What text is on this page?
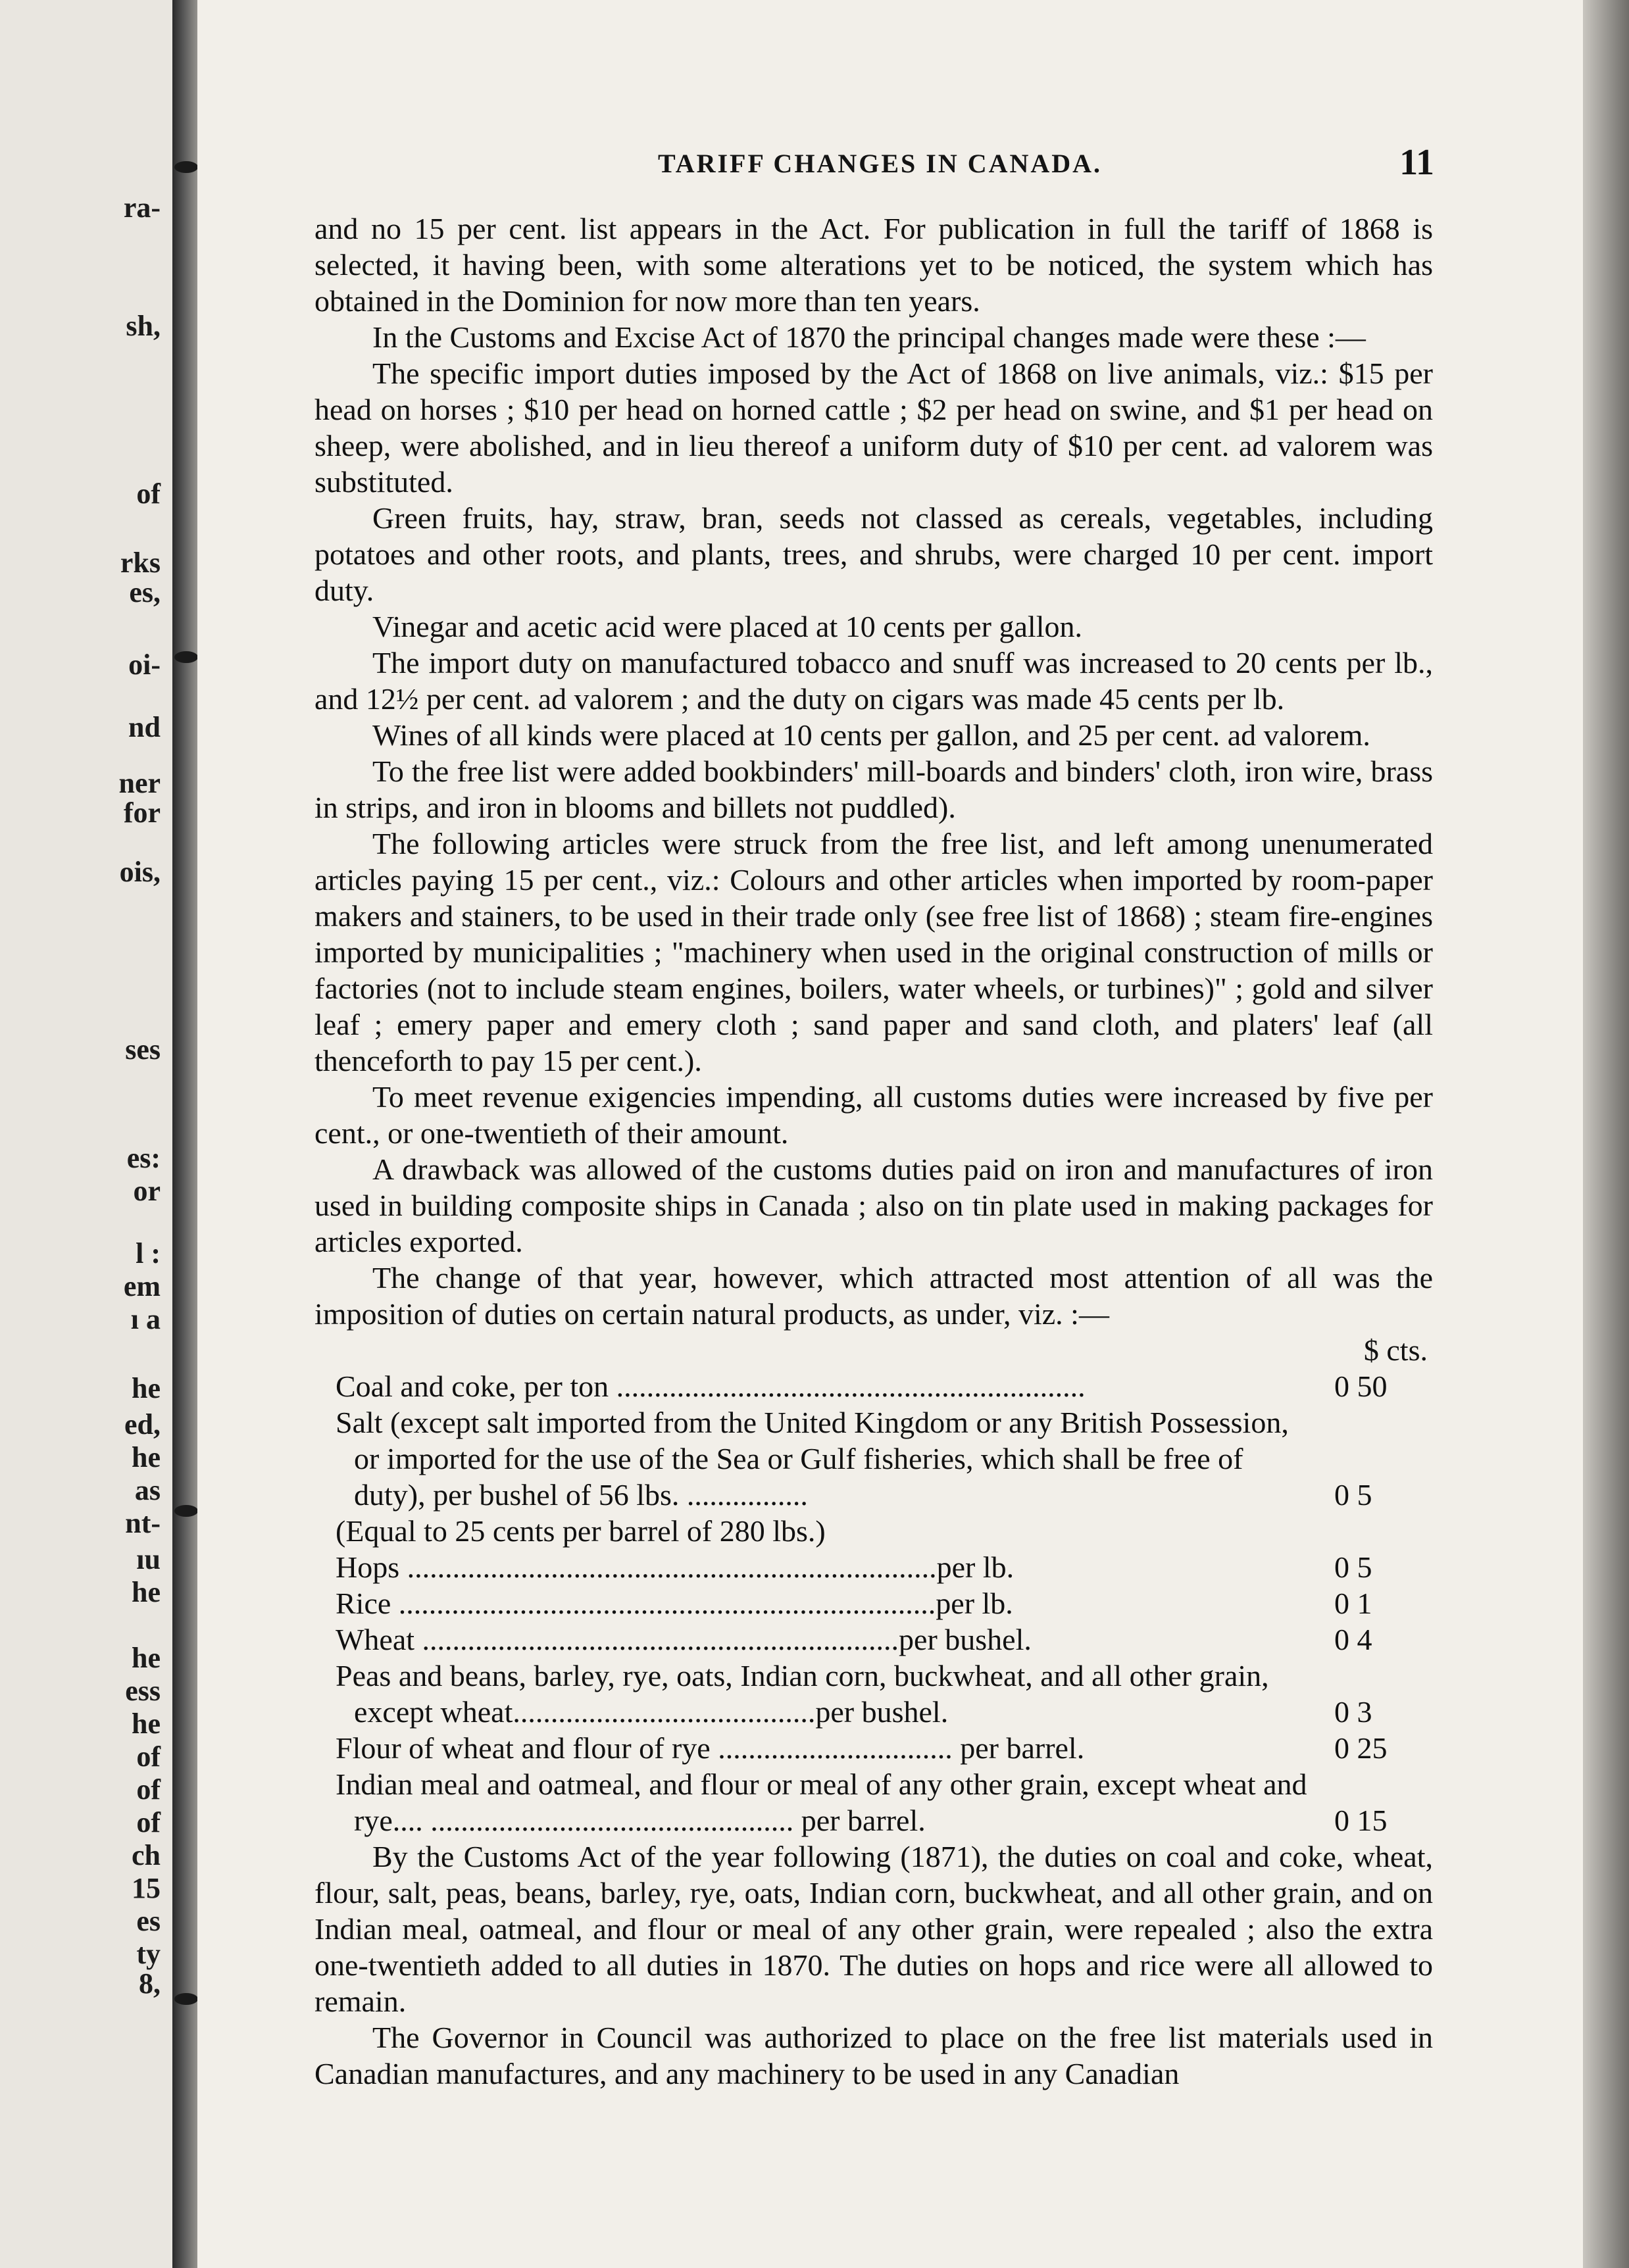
ra-
sh,
of
rks
es,
oi-
nd
ner
for
ois,
ses
es:
or
l :
em
ı a
he
ed,
he
as
nt-
ıu
he
he
ess
he
of
of
of
ch
15
es
ty
8,
TARIFF CHANGES IN CANADA.	11

and no 15 per cent. list appears in the Act. For publication in full the tariff of 1868 is selected, it having been, with some alterations yet to be noticed, the system which has obtained in the Dominion for now more than ten years.

In the Customs and Excise Act of 1870 the principal changes made were these :—

The specific import duties imposed by the Act of 1868 on live animals, viz.: $15 per head on horses ; $10 per head on horned cattle ; $2 per head on swine, and $1 per head on sheep, were abolished, and in lieu thereof a uniform duty of $10 per cent. ad valorem was substituted.

Green fruits, hay, straw, bran, seeds not classed as cereals, vegetables, including potatoes and other roots, and plants, trees, and shrubs, were charged 10 per cent. import duty.

Vinegar and acetic acid were placed at 10 cents per gallon.

The import duty on manufactured tobacco and snuff was increased to 20 cents per lb., and 12½ per cent. ad valorem ; and the duty on cigars was made 45 cents per lb.

Wines of all kinds were placed at 10 cents per gallon, and 25 per cent. ad valorem.

To the free list were added bookbinders' mill-boards and binders' cloth, iron wire, brass in strips, and iron in blooms and billets not puddled).

The following articles were struck from the free list, and left among unenumerated articles paying 15 per cent., viz.: Colours and other articles when imported by room-paper makers and stainers, to be used in their trade only (see free list of 1868) ; steam fire-engines imported by municipalities ; "machinery when used in the original construction of mills or factories (not to include steam engines, boilers, water wheels, or turbines)" ; gold and silver leaf ; emery paper and emery cloth ; sand paper and sand cloth, and platers' leaf (all thenceforth to pay 15 per cent.).

To meet revenue exigencies impending, all customs duties were increased by five per cent., or one-twentieth of their amount.

A drawback was allowed of the customs duties paid on iron and manufactures of iron used in building composite ships in Canada ; also on tin plate used in making packages for articles exported.

The change of that year, however, which attracted most attention of all was the imposition of duties on certain natural products, as under, viz. :—

$ cts.
Coal and coke, per ton ..............................................................	0 50
Salt (except salt imported from the United Kingdom or any British Possession, or imported for the use of the Sea or Gulf fisheries, which shall be free of duty), per bushel of 56 lbs. ................	0 5
(Equal to 25 cents per barrel of 280 lbs.)
Hops ......................................................................per lb.	0 5
Rice .......................................................................per lb.	0 1
Wheat ...............................................................per bushel.	0 4
Peas and beans, barley, rye, oats, Indian corn, buckwheat, and all other grain, except wheat........................................per bushel.	0 3
Flour of wheat and flour of rye ............................... per barrel.	0 25
Indian meal and oatmeal, and flour or meal of any other grain, except wheat and rye.... ................................................ per barrel.	0 15

By the Customs Act of the year following (1871), the duties on coal and coke, wheat, flour, salt, peas, beans, barley, rye, oats, Indian corn, buckwheat, and all other grain, and on Indian meal, oatmeal, and flour or meal of any other grain, were repealed ; also the extra one-twentieth added to all duties in 1870. The duties on hops and rice were all allowed to remain.

The Governor in Council was authorized to place on the free list materials used in Canadian manufactures, and any machinery to be used in any Canadian
